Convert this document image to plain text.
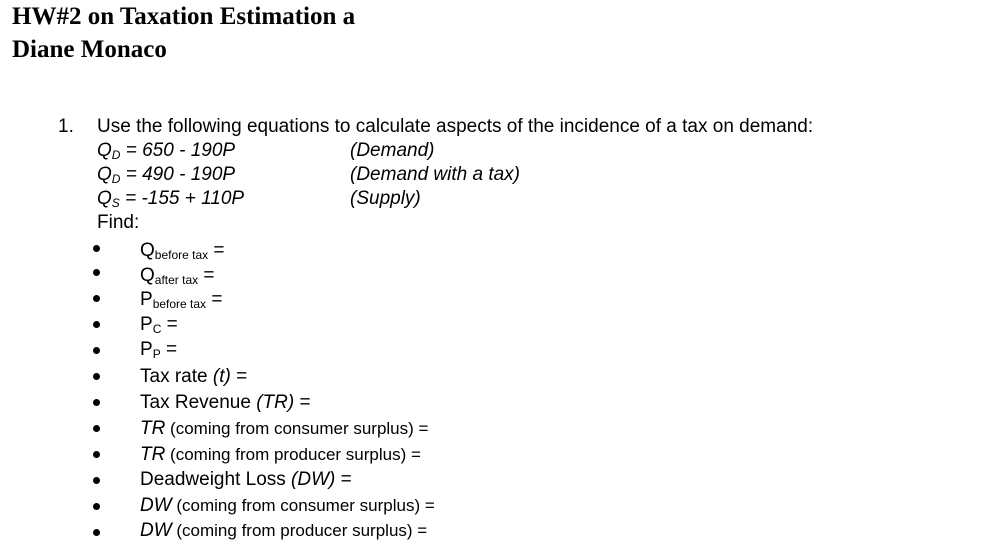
HW#2 on Taxation Estimation a
Diane Monaco
1. Use the following equations to calculate aspects of the incidence of a tax on demand:
$Q_D = 650 - 190P$	(Demand)
$Q_D = 490 - 190P$	(Demand with a tax)
$Q_S = -155 + 110P$	(Supply)
Find:
$Q_{before tax}$ =
$Q_{after tax}$ =
$P_{before tax}$ =
$P_C$ =
$P_P$ =
Tax rate (t) =
Tax Revenue (TR) =
TR (coming from consumer surplus) =
TR (coming from producer surplus) =
Deadweight Loss (DW) =
DW (coming from consumer surplus) =
DW (coming from producer surplus) =
